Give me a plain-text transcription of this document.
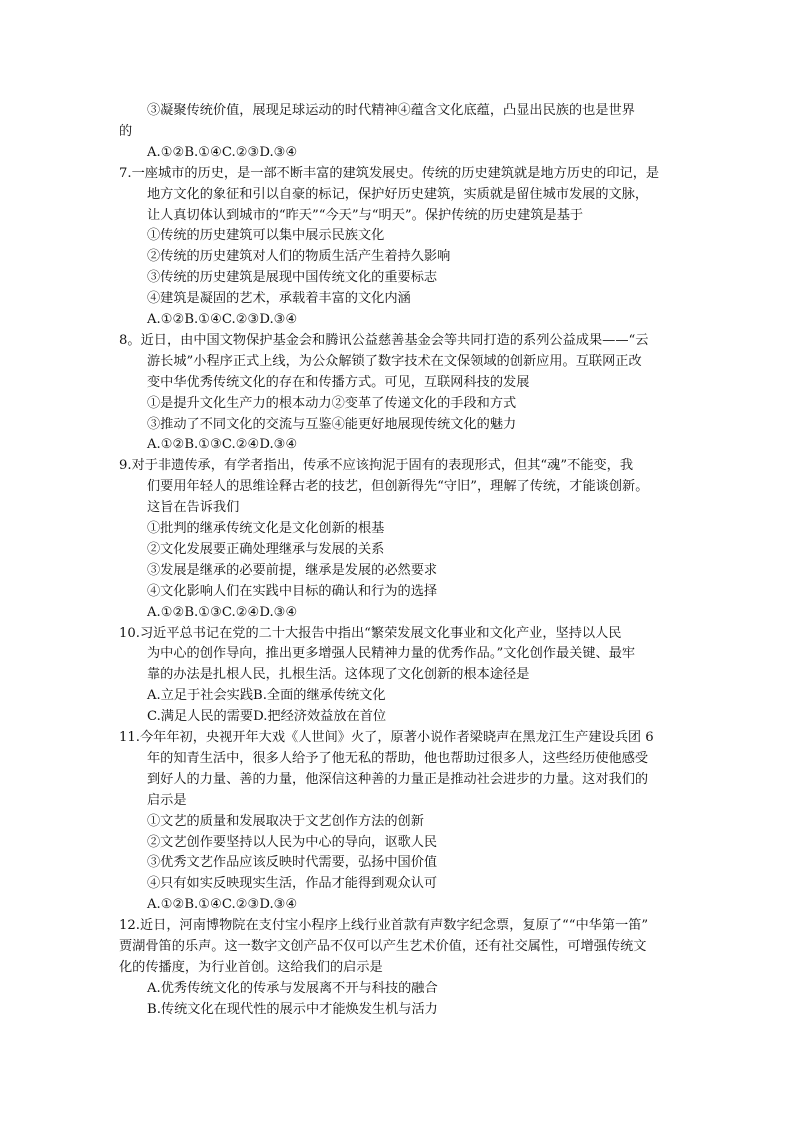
③凝聚传统价值，展现足球运动的时代精神④蕴含文化底蕴，凸显出民族的也是世界
的
A.①②B.①④C.②③D.③④
7.一座城市的历史，是一部不断丰富的建筑发展史。传统的历史建筑就是地方历史的印记，是
地方文化的象征和引以自豪的标记，保护好历史建筑，实质就是留住城市发展的文脉，
让人真切体认到城市的“昨天”“今天”与“明天”。保护传统的历史建筑是基于
①传统的历史建筑可以集中展示民族文化
②传统的历史建筑对人们的物质生活产生着持久影响
③传统的历史建筑是展现中国传统文化的重要标志
④建筑是凝固的艺术，承载着丰富的文化内涵
A.①②B.①④C.②③D.③④
8。近日，由中国文物保护基金会和腾讯公益慈善基金会等共同打造的系列公益成果——“云
游长城”小程序正式上线，为公众解锁了数字技术在文保领域的创新应用。互联网正改
变中华优秀传统文化的存在和传播方式。可见，互联网科技的发展
①是提升文化生产力的根本动力②变革了传递文化的手段和方式
③推动了不同文化的交流与互鉴④能更好地展现传统文化的魅力
A.①②B.①③C.②④D.③④
9.对于非遗传承，有学者指出，传承不应该拘泥于固有的表现形式，但其“魂”不能变，我
们要用年轻人的思维诠释古老的技艺，但创新得先“守旧”，理解了传统，才能谈创新。
这旨在告诉我们
①批判的继承传统文化是文化创新的根基
②文化发展要正确处理继承与发展的关系
③发展是继承的必要前提，继承是发展的必然要求
④文化影响人们在实践中目标的确认和行为的选择
A.①②B.①③C.②④D.③④
10.习近平总书记在党的二十大报告中指出“繁荣发展文化事业和文化产业，坚持以人民
为中心的创作导向，推出更多增强人民精神力量的优秀作品。”文化创作最关键、最牢
靠的办法是扎根人民，扎根生活。这体现了文化创新的根本途径是
A.立足于社会实践B.全面的继承传统文化
C.满足人民的需要D.把经济效益放在首位
11.今年年初，央视开年大戏《人世间》火了，原著小说作者梁晓声在黑龙江生产建设兵团 6
年的知青生活中，很多人给予了他无私的帮助，他也帮助过很多人，这些经历使他感受
到好人的力量、善的力量，他深信这种善的力量正是推动社会进步的力量。这对我们的
启示是
①文艺的质量和发展取决于文艺创作方法的创新
②文艺创作要坚持以人民为中心的导向，讴歌人民
③优秀文艺作品应该反映时代需要，弘扬中国价值
④只有如实反映现实生活，作品才能得到观众认可
A.①②B.①④C.②③D.③④
12.近日，河南博物院在支付宝小程序上线行业首款有声数字纪念票，复原了““中华第一笛”
贾湖骨笛的乐声。这一数字文创产品不仅可以产生艺术价值，还有社交属性，可增强传统文
化的传播度，为行业首创。这给我们的启示是
A.优秀传统文化的传承与发展离不开与科技的融合
B.传统文化在现代性的展示中才能焕发生机与活力
